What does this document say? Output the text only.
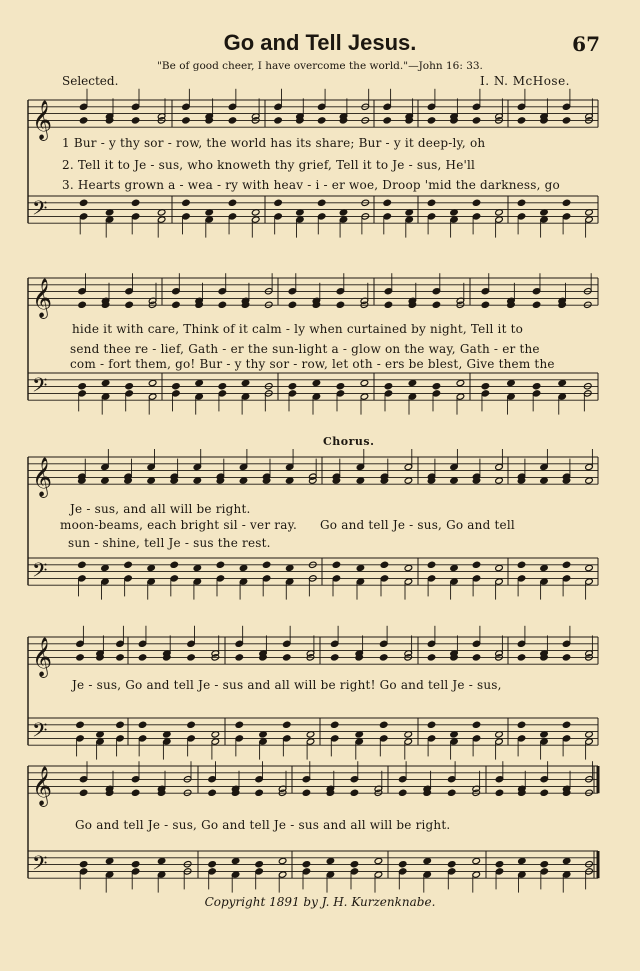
𝄞
𝄢
𝄞
𝄢
𝄞
𝄢
𝄞
𝄢
𝄞
𝄢
Go and Tell Jesus.	67
"Be of good cheer, I have overcome the world."—John 16: 33.
Selected.	I. N. McHose.
1 Bur - y thy sor - row, the world has its share; Bur - y it deep-ly, oh
2. Tell it to Je - sus, who knoweth thy grief, Tell it to Je - sus, He'll
3. Hearts grown a - wea - ry with heav - i - er woe, Droop 'mid the darkness, go
hide it with care, Think of it calm - ly when curtained by night, Tell it to
send thee re - lief, Gath - er the sun-light a - glow on the way, Gath - er the
com - fort them, go! Bur - y thy sor - row, let oth - ers be blest, Give them the
Chorus.
Je - sus, and all will be right.
moon-beams, each bright sil - ver ray.
sun - shine, tell Je - sus the rest.
Go and tell Je - sus, Go and tell
Je - sus, Go and tell Je - sus and all will be right! Go and tell Je - sus,
Go and tell Je - sus, Go and tell Je - sus and all will be right.
Copyright 1891 by J. H. Kurzenknabe.
